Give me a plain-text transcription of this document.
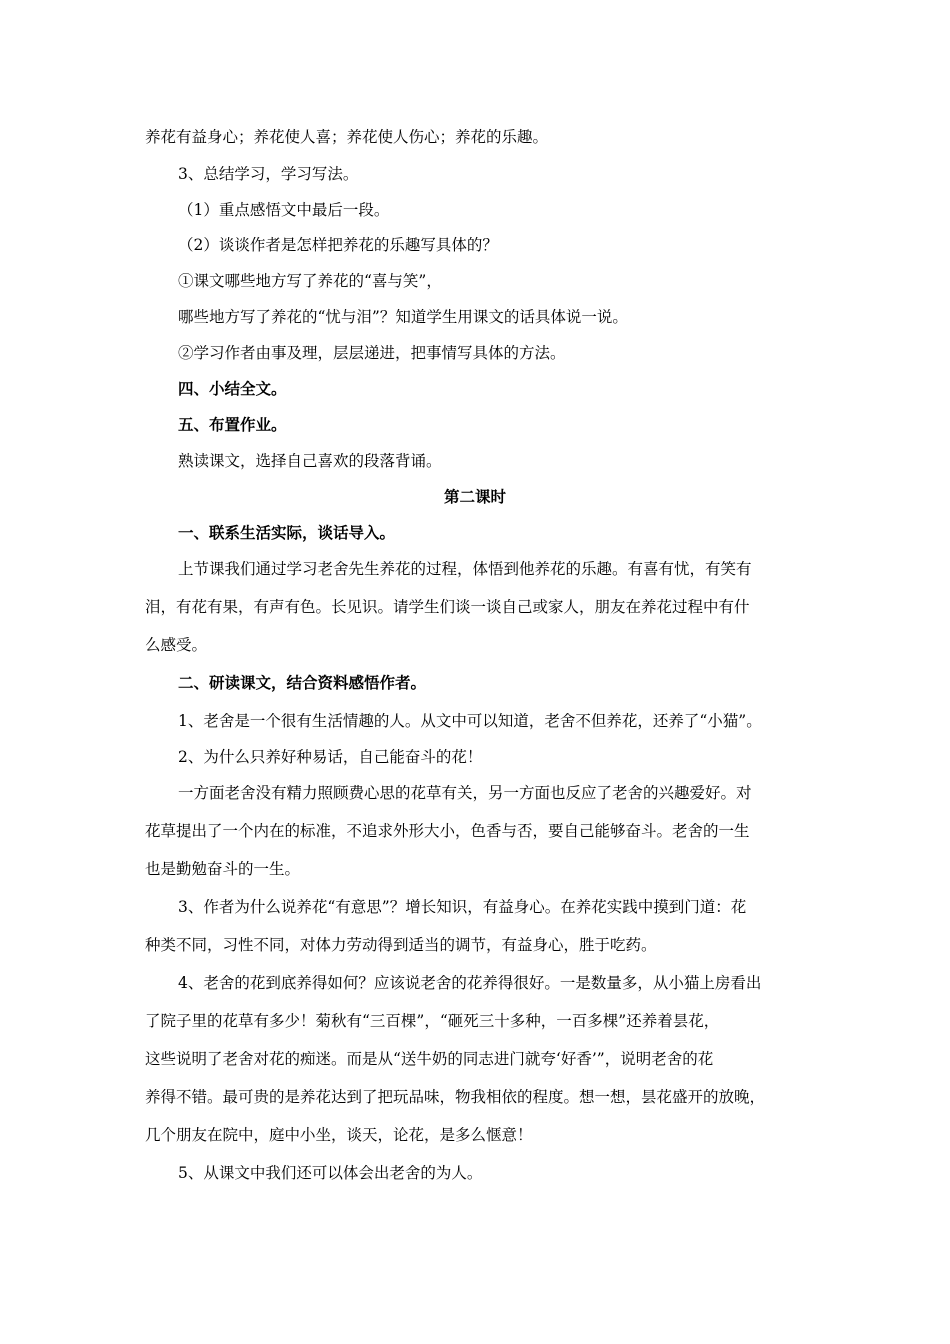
养花有益身心；养花使人喜；养花使人伤心；养花的乐趣。
3、总结学习，学习写法。
（1）重点感悟文中最后一段。
（2）谈谈作者是怎样把养花的乐趣写具体的？
①课文哪些地方写了养花的“喜与笑”，
哪些地方写了养花的“忧与泪”？知道学生用课文的话具体说一说。
②学习作者由事及理，层层递进，把事情写具体的方法。
四、小结全文。
五、布置作业。
熟读课文，选择自己喜欢的段落背诵。
第二课时
一、联系生活实际，谈话导入。
上节课我们通过学习老舍先生养花的过程，体悟到他养花的乐趣。有喜有忧，有笑有
泪，有花有果，有声有色。长见识。请学生们谈一谈自己或家人，朋友在养花过程中有什
么感受。
二、研读课文，结合资料感悟作者。
1、老舍是一个很有生活情趣的人。从文中可以知道，老舍不但养花，还养了“小猫”。
2、为什么只养好种易话，自己能奋斗的花！
一方面老舍没有精力照顾费心思的花草有关，另一方面也反应了老舍的兴趣爱好。对
花草提出了一个内在的标准，不追求外形大小，色香与否，要自己能够奋斗。老舍的一生
也是勤勉奋斗的一生。
3、作者为什么说养花“有意思”？增长知识，有益身心。在养花实践中摸到门道：花
种类不同，习性不同，对体力劳动得到适当的调节，有益身心，胜于吃药。
4、老舍的花到底养得如何？应该说老舍的花养得很好。一是数量多，从小猫上房看出
了院子里的花草有多少！菊秋有“三百棵”，“砸死三十多种，一百多棵”还养着昙花，
这些说明了老舍对花的痴迷。而是从“送牛奶的同志进门就夸‘好香’”，说明老舍的花
养得不错。最可贵的是养花达到了把玩品味，物我相依的程度。想一想，昙花盛开的放晚，
几个朋友在院中，庭中小坐，谈天，论花，是多么惬意！
5、从课文中我们还可以体会出老舍的为人。
